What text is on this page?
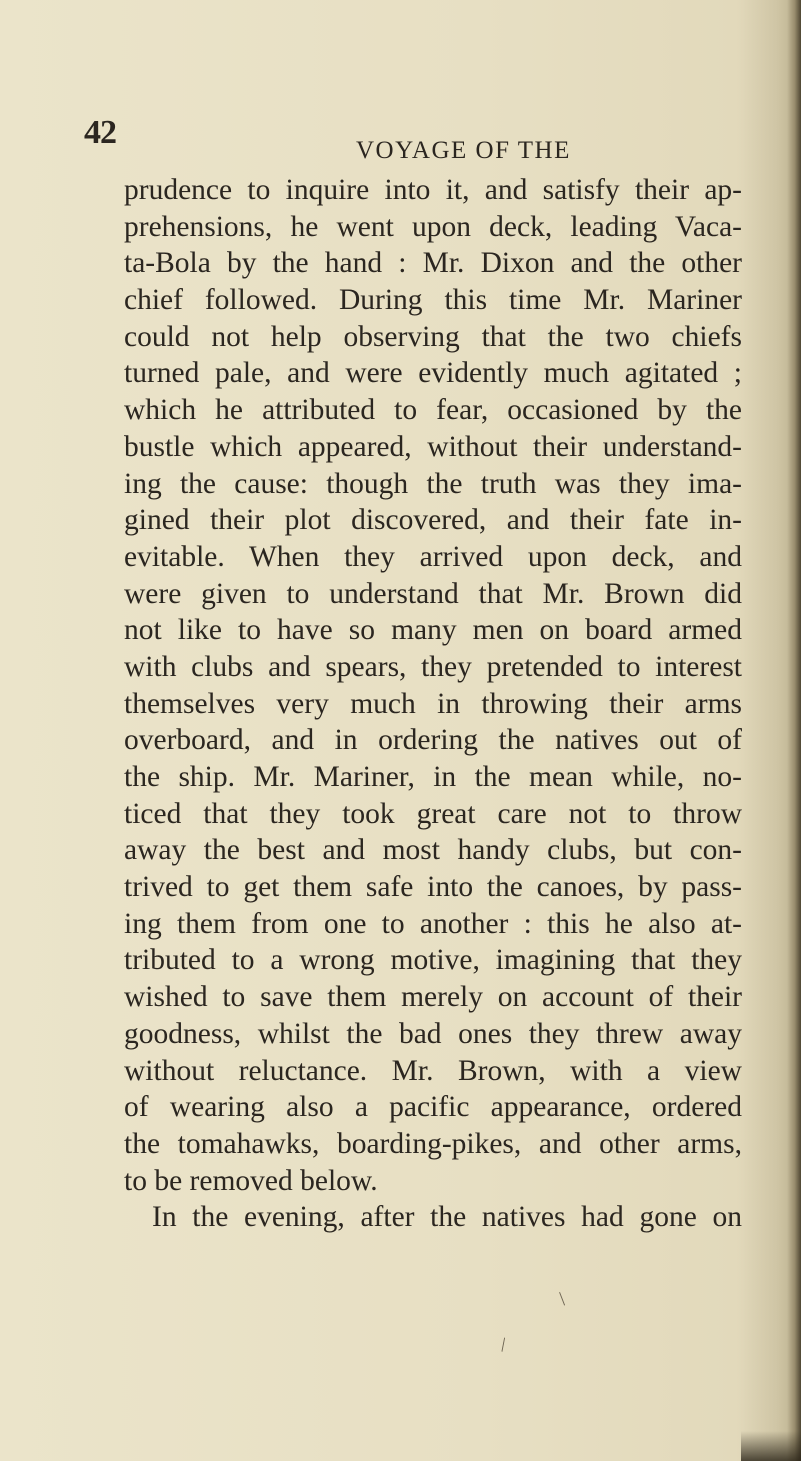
42	VOYAGE OF THE
prudence to inquire into it, and satisfy their ap-
prehensions, he went upon deck, leading Vaca-
ta-Bola by the hand : Mr. Dixon and the other
chief followed. During this time Mr. Mariner
could not help observing that the two chiefs
turned pale, and were evidently much agitated ;
which he attributed to fear, occasioned by the
bustle which appeared, without their understand-
ing the cause: though the truth was they ima-
gined their plot discovered, and their fate in-
evitable. When they arrived upon deck, and
were given to understand that Mr. Brown did
not like to have so many men on board armed
with clubs and spears, they pretended to interest
themselves very much in throwing their arms
overboard, and in ordering the natives out of
the ship. Mr. Mariner, in the mean while, no-
ticed that they took great care not to throw
away the best and most handy clubs, but con-
trived to get them safe into the canoes, by pass-
ing them from one to another : this he also at-
tributed to a wrong motive, imagining that they
wished to save them merely on account of their
goodness, whilst the bad ones they threw away
without reluctance. Mr. Brown, with a view
of wearing also a pacific appearance, ordered
the tomahawks, boarding-pikes, and other arms,
to be removed below.
In the evening, after the natives had gone on
/
\
